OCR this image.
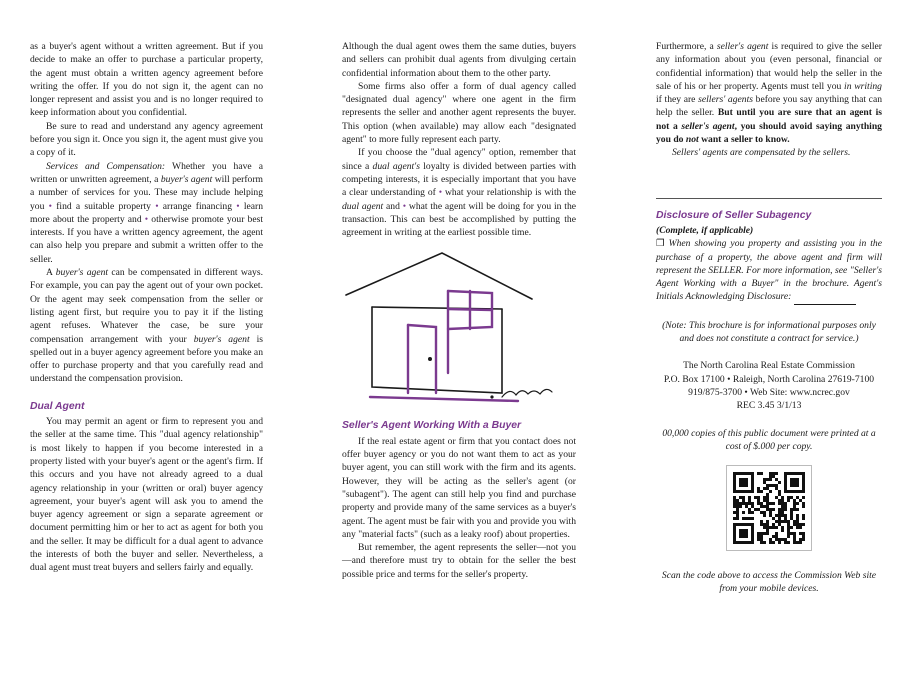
as a buyer's agent without a written agreement. But if you decide to make an offer to purchase a particular property, the agent must obtain a written agency agreement before writing the offer. If you do not sign it, the agent can no longer represent and assist you and is no longer required to keep information about you confidential.

Be sure to read and understand any agency agreement before you sign it. Once you sign it, the agent must give you a copy of it.

Services and Compensation: Whether you have a written or unwritten agreement, a buyer's agent will perform a number of services for you. These may include helping you • find a suitable property • arrange financing • learn more about the property and • otherwise promote your best interests. If you have a written agency agreement, the agent can also help you prepare and submit a written offer to the seller.

A buyer's agent can be compensated in different ways. For example, you can pay the agent out of your own pocket. Or the agent may seek compensation from the seller or listing agent first, but require you to pay it if the listing agent refuses. Whatever the case, be sure your compensation arrangement with your buyer's agent is spelled out in a buyer agency agreement before you make an offer to purchase property and that you carefully read and understand the compensation provision.

Dual Agent

You may permit an agent or firm to represent you and the seller at the same time. This "dual agency relationship" is most likely to happen if you become interested in a property listed with your buyer's agent or the agent's firm. If this occurs and you have not already agreed to a dual agency relationship in your (written or oral) buyer agency agreement, your buyer's agent will ask you to amend the buyer agency agreement or sign a separate agreement or document permitting him or her to act as agent for both you and the seller. It may be difficult for a dual agent to advance the interests of both the buyer and seller. Nevertheless, a dual agent must treat buyers and sellers fairly and equally.

Although the dual agent owes them the same duties, buyers and sellers can prohibit dual agents from divulging certain confidential information about them to the other party.

Some firms also offer a form of dual agency called "designated dual agency" where one agent in the firm represents the seller and another agent represents the buyer. This option (when available) may allow each "designated agent" to more fully represent each party.

If you choose the "dual agency" option, remember that since a dual agent's loyalty is divided between parties with competing interests, it is especially important that you have a clear understanding of • what your relationship is with the dual agent and • what the agent will be doing for you in the transaction. This can best be accomplished by putting the agreement in writing at the earliest possible time.

Seller's Agent Working With a Buyer

If the real estate agent or firm that you contact does not offer buyer agency or you do not want them to act as your buyer agent, you can still work with the firm and its agents. However, they will be acting as the seller's agent (or "subagent"). The agent can still help you find and purchase property and provide many of the same services as a buyer's agent. The agent must be fair with you and provide you with any "material facts" (such as a leaky roof) about properties.

But remember, the agent represents the seller—not you—and therefore must try to obtain for the seller the best possible price and terms for the seller's property.

Furthermore, a seller's agent is required to give the seller any information about you (even personal, financial or confidential information) that would help the seller in the sale of his or her property. Agents must tell you in writing if they are sellers' agents before you say anything that can help the seller. But until you are sure that an agent is not a seller's agent, you should avoid saying anything you do not want a seller to know.

Sellers' agents are compensated by the sellers.

Disclosure of Seller Subagency

(Complete, if applicable)

❒ When showing you property and assisting you in the purchase of a property, the above agent and firm will represent the SELLER. For more information, see "Seller's Agent Working with a Buyer" in the brochure. Agent's Initials Acknowledging Disclosure:

(Note: This brochure is for informational purposes only and does not constitute a contract for service.)

The North Carolina Real Estate Commission

P.O. Box 17100 • Raleigh, North Carolina 27619-7100

919/875-3700 • Web Site: www.ncrec.gov

REC 3.45 3/1/13

00,000 copies of this public document were printed at a cost of $.000 per copy.

Scan the code above to access the Commission Web site from your mobile devices.
